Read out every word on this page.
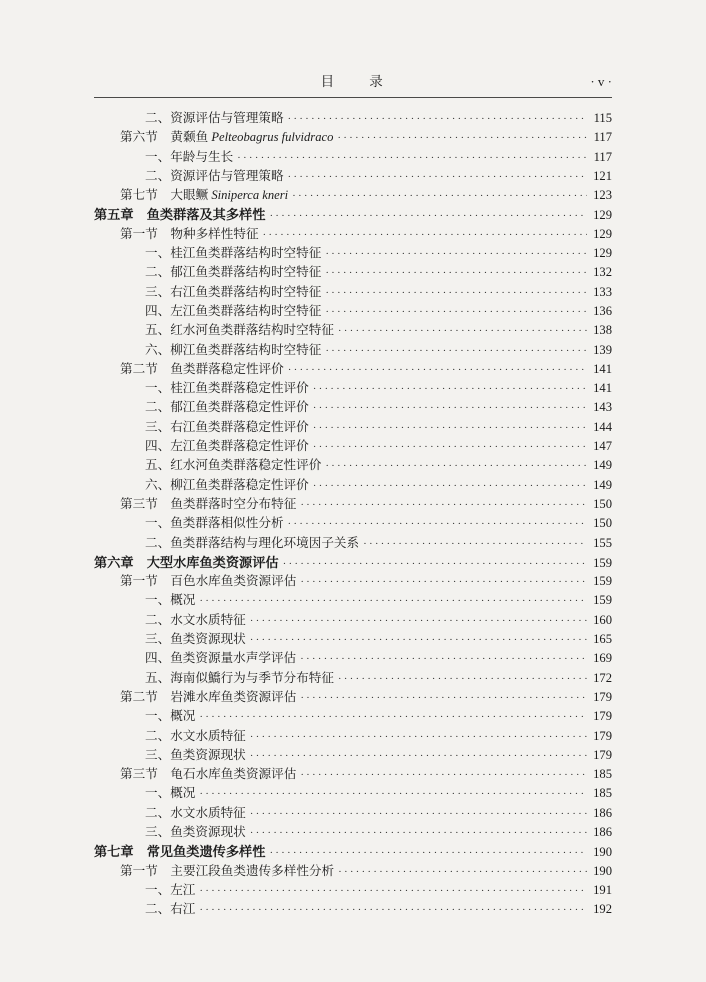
目　　录	· v ·
二、资源评估与管理策略 ·····	115
第六节　黄颡鱼 Pelteobagrus fulvidraco ·····	117
一、年龄与生长 ·····	117
二、资源评估与管理策略 ·····	121
第七节　大眼鳜 Siniperca kneri ·····	123
第五章　鱼类群落及其多样性 ·····	129
第一节　物种多样性特征 ·····	129
一、桂江鱼类群落结构时空特征 ·····	129
二、郁江鱼类群落结构时空特征 ·····	132
三、右江鱼类群落结构时空特征 ·····	133
四、左江鱼类群落结构时空特征 ·····	136
五、红水河鱼类群落结构时空特征 ·····	138
六、柳江鱼类群落结构时空特征 ·····	139
第二节　鱼类群落稳定性评价 ·····	141
一、桂江鱼类群落稳定性评价 ·····	141
二、郁江鱼类群落稳定性评价 ·····	143
三、右江鱼类群落稳定性评价 ·····	144
四、左江鱼类群落稳定性评价 ·····	147
五、红水河鱼类群落稳定性评价 ·····	149
六、柳江鱼类群落稳定性评价 ·····	149
第三节　鱼类群落时空分布特征 ·····	150
一、鱼类群落相似性分析 ·····	150
二、鱼类群落结构与理化环境因子关系 ·····	155
第六章　大型水库鱼类资源评估 ·····	159
第一节　百色水库鱼类资源评估 ·····	159
一、概况 ·····	159
二、水文水质特征 ·····	160
三、鱼类资源现状 ·····	165
四、鱼类资源量水声学评估 ·····	169
五、海南似鱎行为与季节分布特征 ·····	172
第二节　岩滩水库鱼类资源评估 ·····	179
一、概况 ·····	179
二、水文水质特征 ·····	179
三、鱼类资源现状 ·····	179
第三节　龟石水库鱼类资源评估 ·····	185
一、概况 ·····	185
二、水文水质特征 ·····	186
三、鱼类资源现状 ·····	186
第七章　常见鱼类遗传多样性 ·····	190
第一节　主要江段鱼类遗传多样性分析 ·····	190
一、左江 ·····	191
二、右江 ·····	192
